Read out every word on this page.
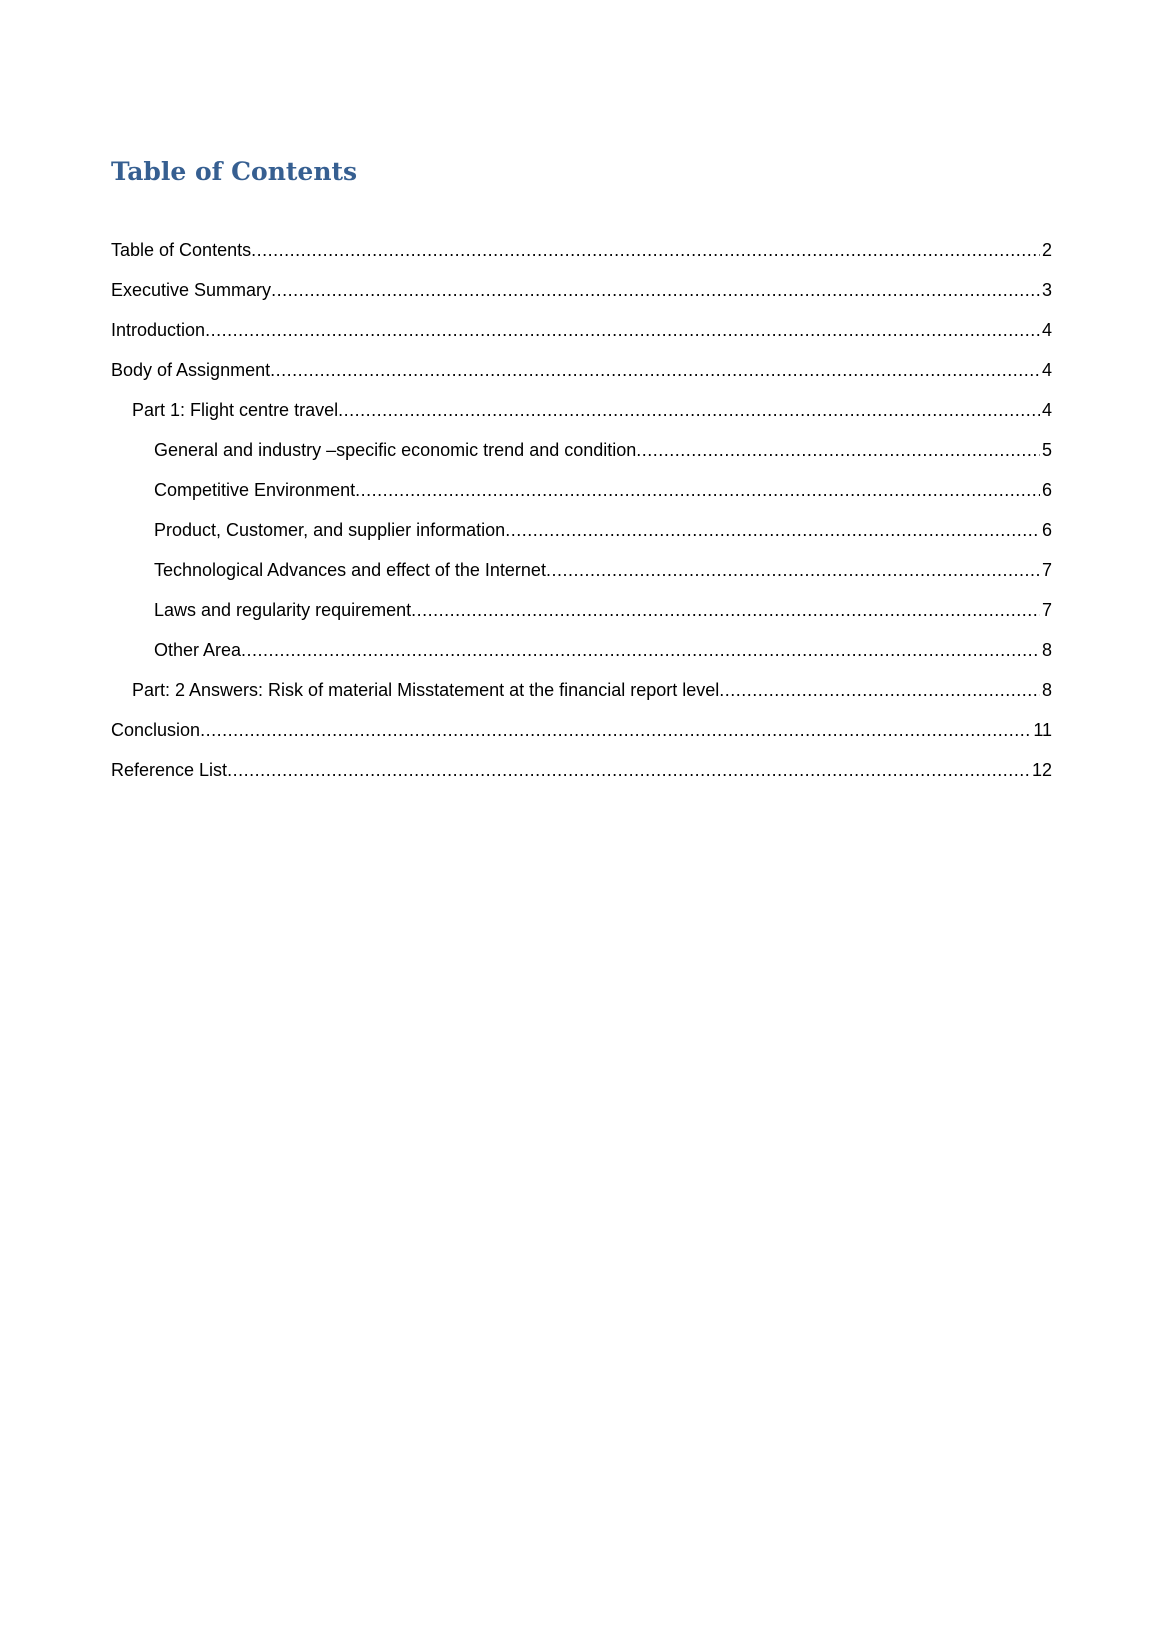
Table of Contents
Table of Contents .....	2
Executive Summary .....	3
Introduction .....	4
Body of Assignment .....	4
Part 1: Flight centre travel .....	4
General and industry –specific economic trend and condition .....	5
Competitive Environment .....	6
Product, Customer, and supplier information .....	6
Technological Advances and effect of the Internet .....	7
Laws and regularity requirement .....	7
Other Area .....	8
Part: 2 Answers: Risk of material Misstatement at the financial report level .....	8
Conclusion .....	11
Reference List .....	12
